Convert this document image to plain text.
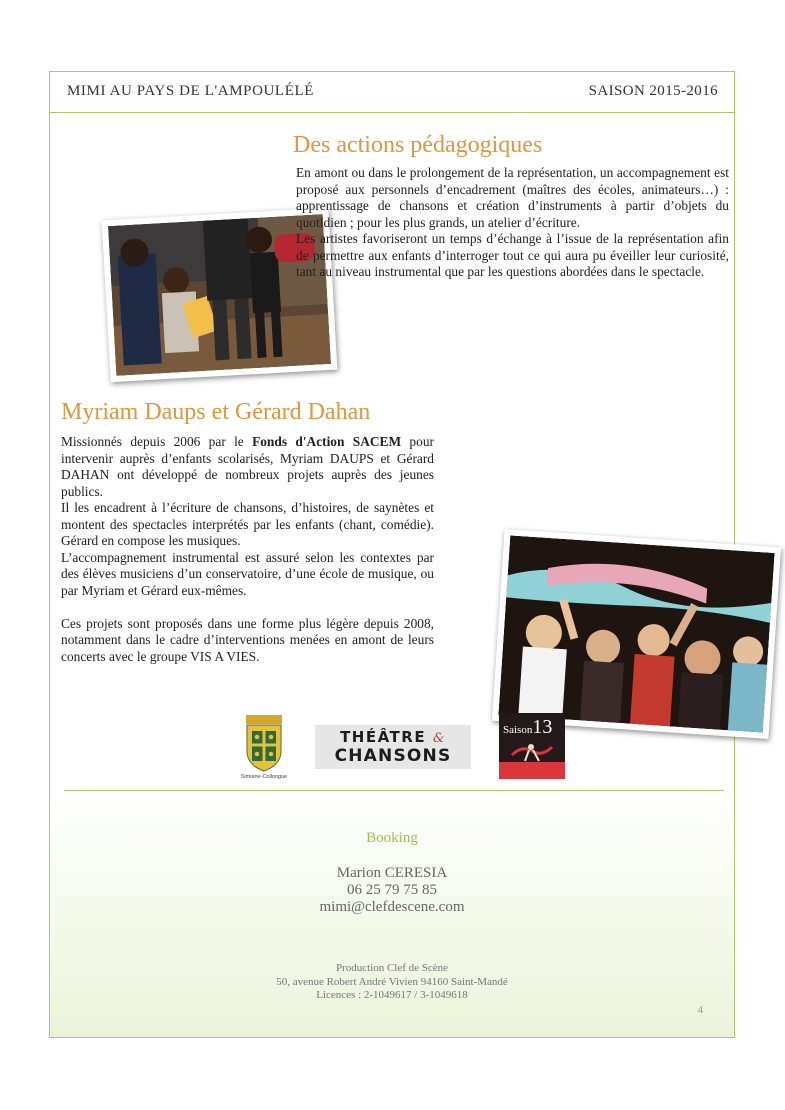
MIMI AU PAYS DE L'AMPOULÉLÉ	SAISON 2015-2016
Des actions pédagogiques

En amont ou dans le prolongement de la représentation, un accompagnement est proposé aux personnels d’encadrement (maîtres des écoles, animateurs…) : apprentissage de chansons et création d’instruments à partir d’objets du quotidien ; pour les plus grands, un atelier d’écriture.

Les artistes favoriseront un temps d’échange à l’issue de la représentation afin de permettre aux enfants d’interroger tout ce qui aura pu éveiller leur curiosité, tant au niveau instrumental que par les questions abordées dans le spectacle.

Myriam Daups et Gérard Dahan

Missionnés depuis 2006 par le Fonds d'Action SACEM pour intervenir auprès d’enfants scolarisés, Myriam DAUPS et Gérard DAHAN ont développé de nombreux projets auprès des jeunes publics.

Il les encadrent à l’écriture de chansons, d’histoires, de saynètes et montent des spectacles interprétés par les enfants (chant, comédie). Gérard en compose les musiques.

L’accompagnement instrumental est assuré selon les contextes par des élèves musiciens d’un conservatoire, d’une école de musique, ou par Myriam et Gérard eux-mêmes.

Ces projets sont proposés dans une forme plus légère depuis 2008, notamment dans le cadre d’interventions menées en amont de leurs concerts avec le groupe VIS A VIES.

Simiane-Collongue
THÉÂTRE &
CHANSONS
Saison13
Booking
Marion CERESIA
06 25 79 75 85
mimi@clefdescene.com
Production Clef de Scène
50, avenue Robert André Vivien 94160 Saint-Mandé
Licences : 2-1049617 / 3-1049618
4
